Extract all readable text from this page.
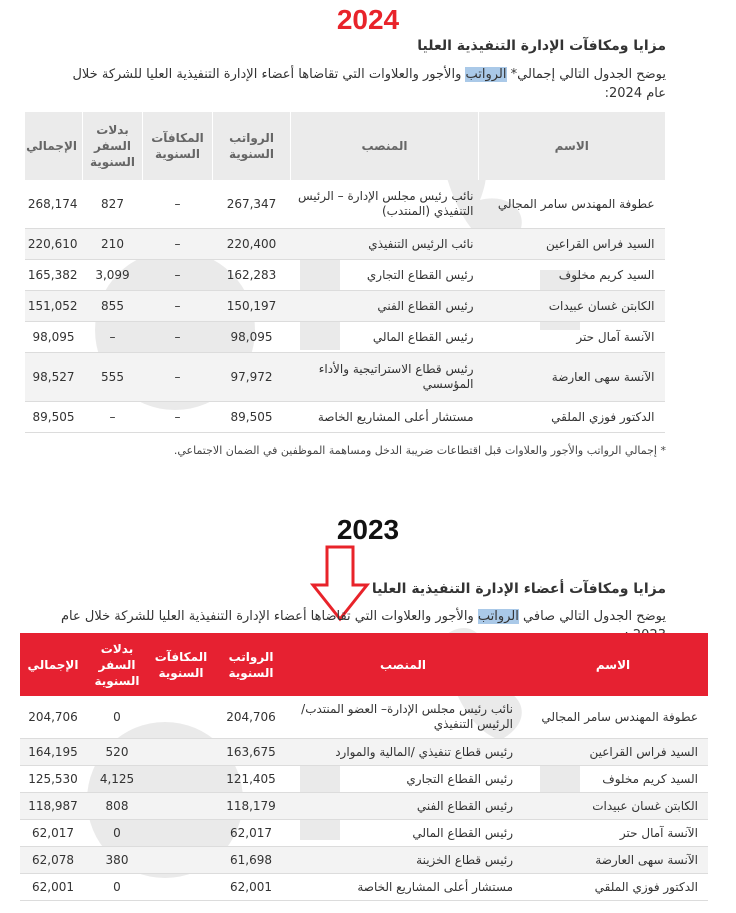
2024
مزايا ومكافآت الإدارة التنفيذية العليا
يوضح الجدول التالي إجمالي* الرواتب والأجور والعلاوات التي تقاضاها أعضاء الإدارة التنفيذية العليا للشركة خلال عام 2024:
الاسم	المنصب	الرواتب السنوية	المكافآت السنوية	بدلات السفر السنوية	الإجمالي
عطوفة المهندس سامر المجالي	نائب رئيس مجلس الإدارة – الرئيس التنفيذي (المنتدب)	267,347	–	827	268,174
السيد فراس القراعين	نائب الرئيس التنفيذي	220,400	–	210	220,610
السيد كريم مخلوف	رئيس القطاع التجاري	162,283	–	3,099	165,382
الكابتن غسان عبيدات	رئيس القطاع الفني	150,197	–	855	151,052
الآنسة آمال حتر	رئيس القطاع المالي	98,095	–	–	98,095
الآنسة سهى العارضة	رئيس قطاع الاستراتيجية والأداء المؤسسي	97,972	–	555	98,527
الدكتور فوزي الملقي	مستشار أعلى المشاريع الخاصة	89,505	–	–	89,505
* إجمالي الرواتب والأجور والعلاوات قبل اقتطاعات ضريبة الدخل ومساهمة الموظفين في الضمان الاجتماعي.
2023
مزايا ومكافآت أعضاء الإدارة التنفيذية العليا
يوضح الجدول التالي صافي الرواتب والأجور والعلاوات التي تقاضاها أعضاء الإدارة التنفيذية العليا للشركة خلال عام
الاسم	المنصب	الرواتب السنوية	المكافآت السنوية	بدلات السفر السنوية	الإجمالي
عطوفة المهندس سامر المجالي	نائب رئيس مجلس الإدارة– العضو المنتدب/الرئيس التنفيذي	204,706		0	204,706
السيد فراس القراعين	رئيس قطاع تنفيذي /المالية والموارد	163,675		520	164,195
السيد كريم مخلوف	رئيس القطاع التجاري	121,405		4,125	125,530
الكابتن غسان عبيدات	رئيس القطاع الفني	118,179		808	118,987
الآنسة آمال حتر	رئيس القطاع المالي	62,017		0	62,017
الآنسة سهى العارضة	رئيس قطاع الخزينة	61,698		380	62,078
الدكتور فوزي الملقي	مستشار أعلى المشاريع الخاصة	62,001		0	62,001
